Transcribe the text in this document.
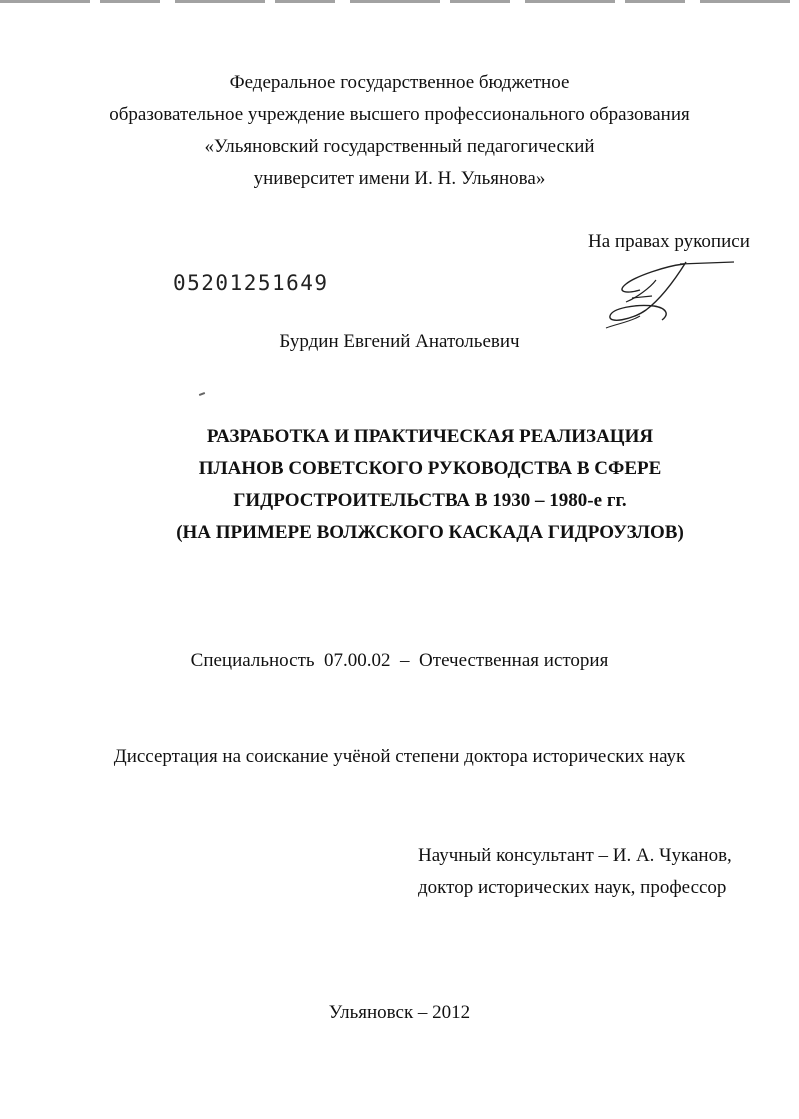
Федеральное государственное бюджетное
образовательное учреждение высшего профессионального образования
«Ульяновский государственный педагогический
университет имени И. Н. Ульянова»
На правах рукописи
05201251649
Бурдин Евгений Анатольевич
РАЗРАБОТКА И ПРАКТИЧЕСКАЯ РЕАЛИЗАЦИЯ
ПЛАНОВ СОВЕТСКОГО РУКОВОДСТВА В СФЕРЕ
ГИДРОСТРОИТЕЛЬСТВА В 1930 – 1980-е гг.
(НА ПРИМЕРЕ ВОЛЖСКОГО КАСКАДА ГИДРОУЗЛОВ)
Специальность  07.00.02  –  Отечественная история
Диссертация на соискание учёной степени доктора исторических наук
Научный консультант – И. А. Чуканов,
доктор исторических наук, профессор
Ульяновск – 2012
